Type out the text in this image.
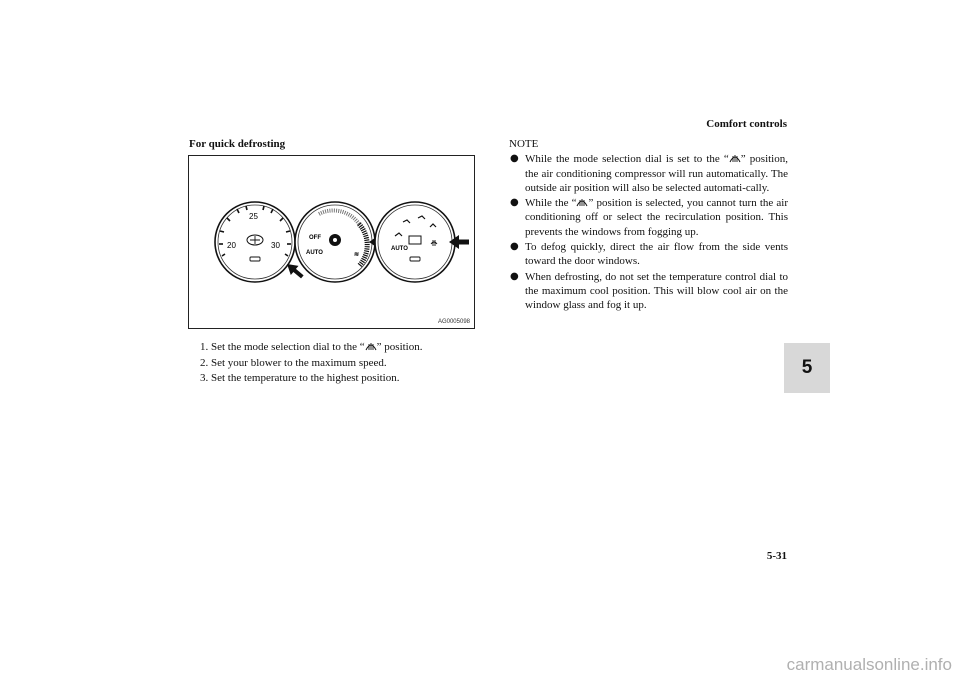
Comfort controls
5
For quick defrosting
20
25
30
OFF
AUTO	≋
AUTO
AG0005098
1. Set the mode selection dial to the “ ” position.
2. Set your blower to the maximum speed.
3. Set the temperature to the highest position.
NOTE
● While the mode selection dial is set to the “ ” position, the air conditioning compressor will run automatically. The outside air position will also be selected automati-cally.
● While the “ ” position is selected, you cannot turn the air conditioning off or select the recirculation position. This prevents the windows from fogging up.
● To defog quickly, direct the air flow from the side vents toward the door windows.
● When defrosting, do not set the temperature control dial to the maximum cool position. This will blow cool air on the window glass and fog it up.
5-31
carmanualsonline.info
